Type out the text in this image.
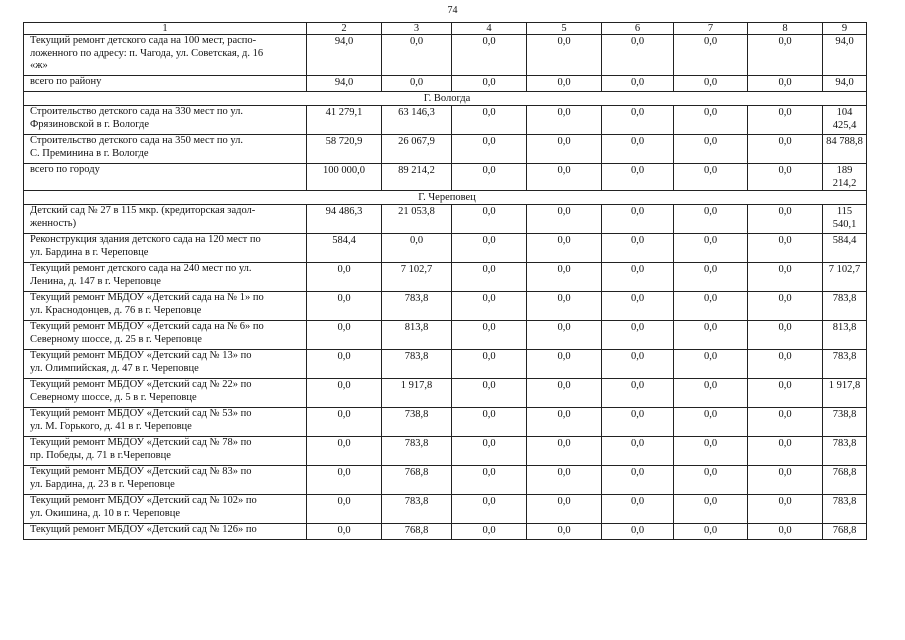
74
1	2	3	4	5	6	7	8	9

Текущий ремонт детского сада на 100 мест, распо-
ложенного по адресу: п. Чагода, ул. Советская, д. 16
«ж»	94,0	0,0	0,0	0,0	0,0	0,0	0,0	94,0

всего по району	94,0	0,0	0,0	0,0	0,0	0,0	0,0	94,0
Г. Вологда								

Строительство детского сада на 330 мест по ул.
Фрязиновской в г. Вологде	41 279,1	63 146,3	0,0	0,0	0,0	0,0	0,0	104 425,4

Строительство детского сада на 350 мест по ул.
С. Преминина в г. Вологде	58 720,9	26 067,9	0,0	0,0	0,0	0,0	0,0	84 788,8

всего по городу	100 000,0	89 214,2	0,0	0,0	0,0	0,0	0,0	189 214,2
Г. Череповец								

Детский сад № 27 в 115 мкр. (кредиторская задол-
женность)	94 486,3	21 053,8	0,0	0,0	0,0	0,0	0,0	115 540,1

Реконструкция здания детского сада на 120 мест по
ул. Бардина в г. Череповце	584,4	0,0	0,0	0,0	0,0	0,0	0,0	584,4

Текущий ремонт детского сада на 240 мест по ул.
Ленина, д. 147 в г. Череповце	0,0	7 102,7	0,0	0,0	0,0	0,0	0,0	7 102,7

Текущий ремонт МБДОУ «Детский сада на № 1» по
ул. Краснодонцев, д. 76 в г. Череповце	0,0	783,8	0,0	0,0	0,0	0,0	0,0	783,8

Текущий ремонт МБДОУ «Детский сада на № 6» по
Северному шоссе, д. 25 в г. Череповце	0,0	813,8	0,0	0,0	0,0	0,0	0,0	813,8

Текущий ремонт МБДОУ «Детский сад № 13» по
ул. Олимпийская, д. 47 в г. Череповце	0,0	783,8	0,0	0,0	0,0	0,0	0,0	783,8

Текущий ремонт МБДОУ «Детский сад № 22» по
Северному шоссе, д. 5 в г. Череповце	0,0	1 917,8	0,0	0,0	0,0	0,0	0,0	1 917,8

Текущий ремонт МБДОУ «Детский сад № 53» по
ул. М. Горького, д. 41 в г. Череповце	0,0	738,8	0,0	0,0	0,0	0,0	0,0	738,8

Текущий ремонт МБДОУ «Детский сад № 78» по
пр. Победы, д. 71 в г.Череповце	0,0	783,8	0,0	0,0	0,0	0,0	0,0	783,8

Текущий ремонт МБДОУ «Детский сад № 83» по
ул. Бардина, д. 23 в г. Череповце	0,0	768,8	0,0	0,0	0,0	0,0	0,0	768,8

Текущий ремонт МБДОУ «Детский сад № 102» по
ул. Окишина, д. 10 в г. Череповце	0,0	783,8	0,0	0,0	0,0	0,0	0,0	783,8

Текущий ремонт МБДОУ «Детский сад № 126» по	0,0	768,8	0,0	0,0	0,0	0,0	0,0	768,8
